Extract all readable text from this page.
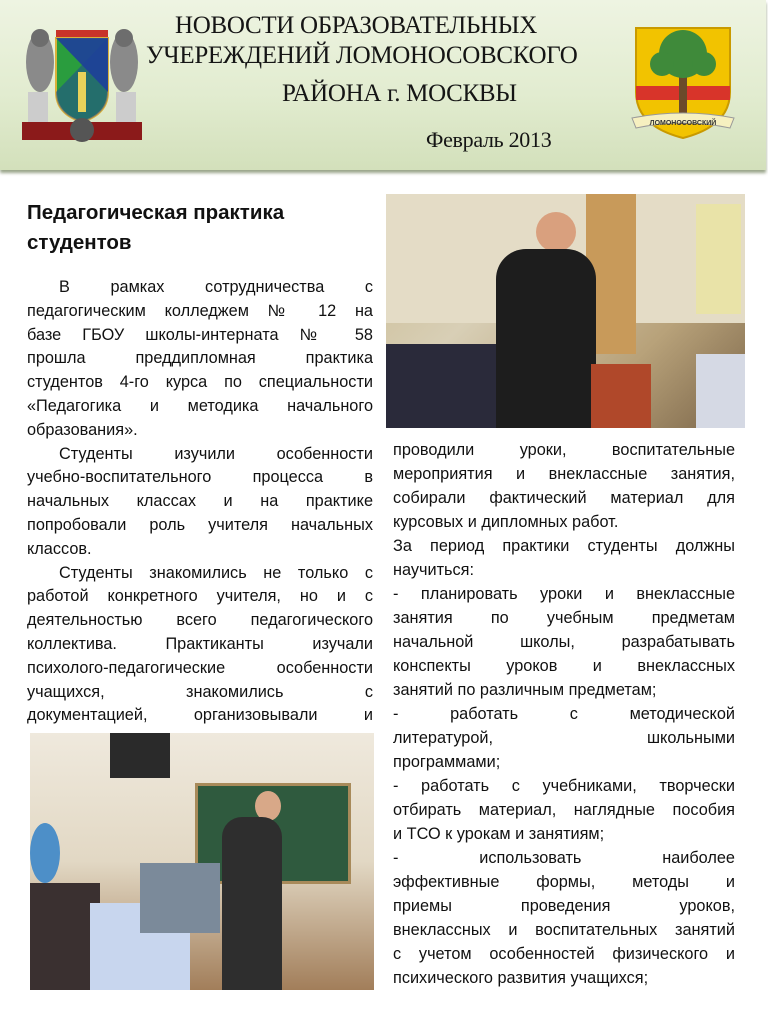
НОВОСТИ ОБРАЗОВАТЕЛЬНЫХ
УЧЕРЕЖДЕНИЙ ЛОМОНОСОВСКОГО
РАЙОНА г. МОСКВЫ
Февраль 2013
ЛОМОНОСОВСКИЙ
Педагогическая практика студентов
В рамках сотрудничества с
педагогическим колледжем № 12 на
базе ГБОУ школы-интерната № 58
прошла преддипломная практика
студентов 4-го курса по специальности
«Педагогика и методика начального
образования».
Студенты изучили особенности
учебно-воспитательного процесса в
начальных классах и на практике
попробовали роль учителя начальных
классов.
Студенты знакомились не только с
работой конкретного учителя, но и с
деятельностью всего педагогического
коллектива. Практиканты изучали
психолого-педагогические особенности
учащихся, знакомились с
документацией, организовывали и
проводили уроки, воспитательные
мероприятия и внеклассные занятия,
собирали фактический материал для
курсовых и дипломных работ.
За период практики студенты должны
научиться:
- планировать уроки и внеклассные
занятия по учебным предметам
начальной школы, разрабатывать
конспекты уроков и внеклассных
занятий по различным предметам;
- работать с методической
литературой, школьными
программами;
- работать с учебниками, творчески
отбирать материал, наглядные пособия
и ТСО к урокам и занятиям;
- использовать наиболее
эффективные формы, методы и
приемы проведения уроков,
внеклассных и воспитательных занятий
с учетом особенностей физического и
психического развития учащихся;
